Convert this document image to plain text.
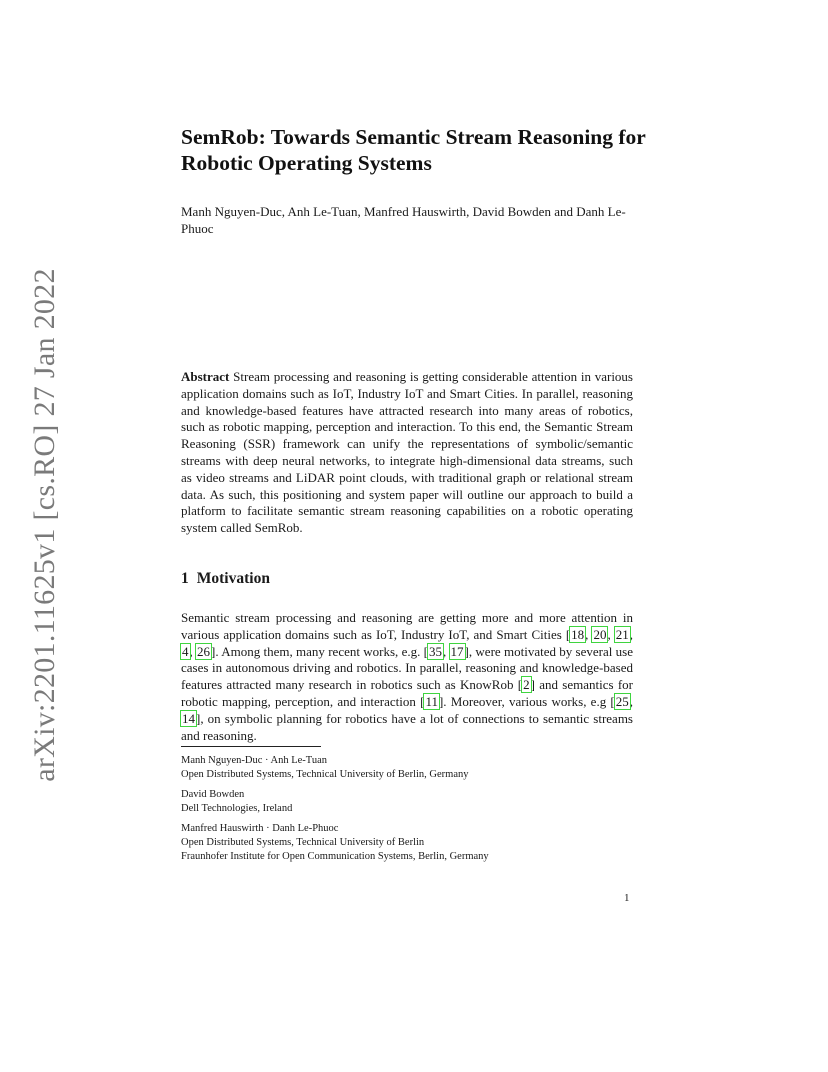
arXiv:2201.11625v1 [cs.RO] 27 Jan 2022
SemRob: Towards Semantic Stream Reasoning for Robotic Operating Systems

Manh Nguyen-Duc, Anh Le-Tuan, Manfred Hauswirth, David Bowden and Danh Le-Phuoc

Abstract Stream processing and reasoning is getting considerable attention in various application domains such as IoT, Industry IoT and Smart Cities. In parallel, reasoning and knowledge-based features have attracted research into many areas of robotics, such as robotic mapping, perception and interaction. To this end, the Semantic Stream Reasoning (SSR) framework can unify the representations of symbolic/semantic streams with deep neural networks, to integrate high-dimensional data streams, such as video streams and LiDAR point clouds, with traditional graph or relational stream data. As such, this positioning and system paper will outline our approach to build a platform to facilitate semantic stream reasoning capabilities on a robotic operating system called SemRob.

1 Motivation

Semantic stream processing and reasoning are getting more and more attention in various application domains such as IoT, Industry IoT, and Smart Cities [18, 20, 21, 4, 26]. Among them, many recent works, e.g. [35, 17], were motivated by several use cases in autonomous driving and robotics. In parallel, reasoning and knowledge-based features attracted many research in robotics such as KnowRob [2] and semantics for robotic mapping, perception, and interaction [11]. Moreover, various works, e.g [25, 14], on symbolic planning for robotics have a lot of connections to semantic streams and reasoning.

Manh Nguyen-Duc · Anh Le-Tuan
Open Distributed Systems, Technical University of Berlin, Germany
David Bowden
Dell Technologies, Ireland
Manfred Hauswirth · Danh Le-Phuoc
Open Distributed Systems, Technical University of Berlin
Fraunhofer Institute for Open Communication Systems, Berlin, Germany
1
